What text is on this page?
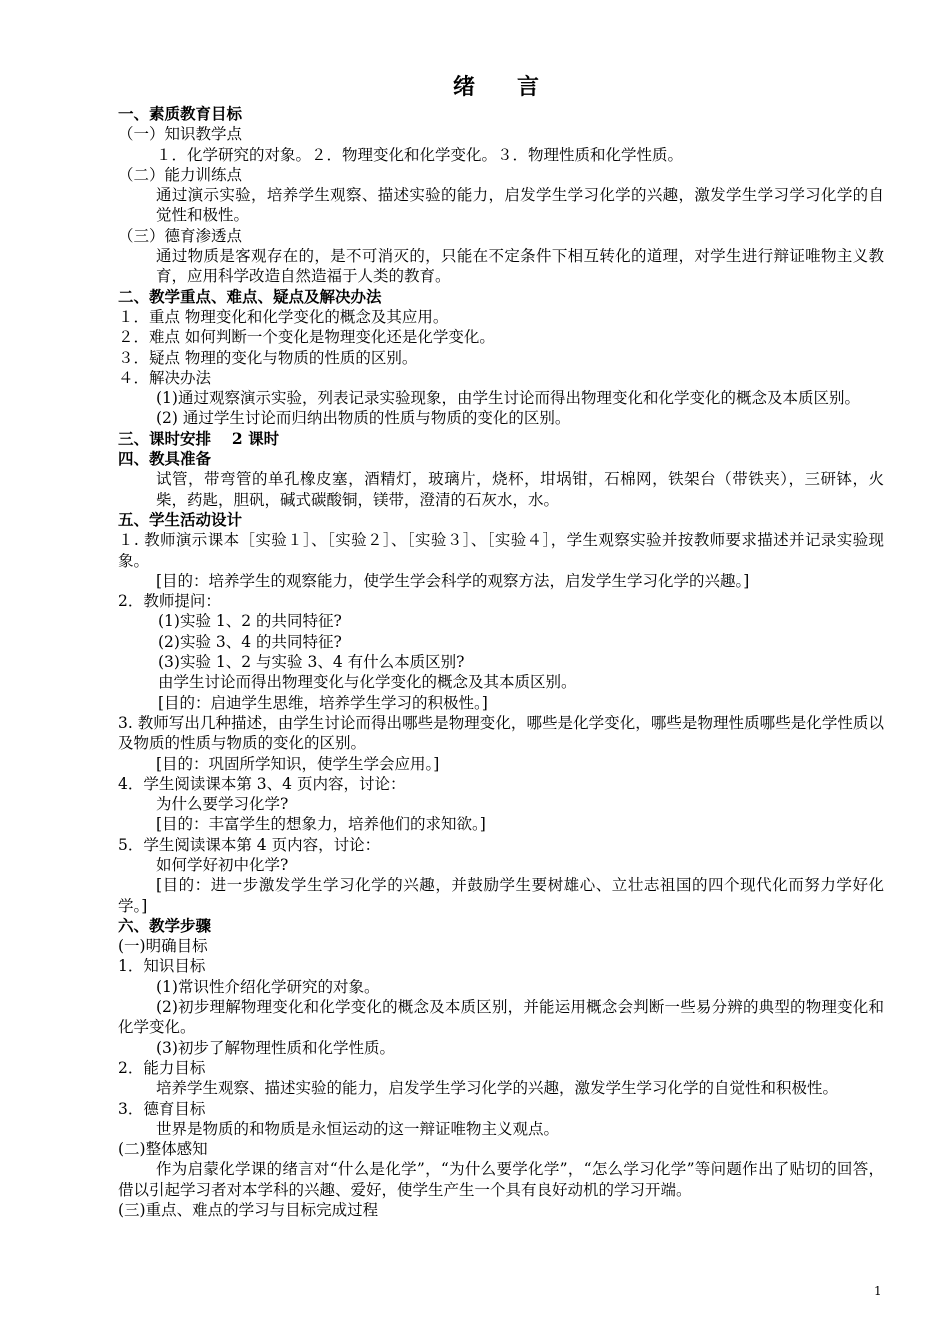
绪　言

一、素质教育目标

（一）知识教学点

１．化学研究的对象。２．物理变化和化学变化。３．物理性质和化学性质。

（二）能力训练点

通过演示实验，培养学生观察、描述实验的能力，启发学生学习化学的兴趣，激发学生学习学习化学的自觉性和极性。

（三）德育渗透点

通过物质是客观存在的，是不可消灭的，只能在不定条件下相互转化的道理，对学生进行辩证唯物主义教育，应用科学改造自然造福于人类的教育。

二、教学重点、难点、疑点及解决办法

１．重点 物理变化和化学变化的概念及其应用。

２．难点 如何判断一个变化是物理变化还是化学变化。

３．疑点 物理的变化与物质的性质的区别。

４．解决办法

(1)通过观察演示实验，列表记录实验现象，由学生讨论而得出物理变化和化学变化的概念及本质区别。

(2) 通过学生讨论而归纳出物质的性质与物质的变化的区别。

三、课时安排　 2 课时

四、教具准备

试管，带弯管的单孔橡皮塞，酒精灯，玻璃片，烧杯，坩埚钳，石棉网，铁架台（带铁夹），三研钵，火柴，药匙，胆矾，碱式碳酸铜，镁带，澄清的石灰水，水。

五、学生活动设计

１. 教师演示课本［实验１］、［实验２］、［实验３］、［实验４］，学生观察实验并按教师要求描述并记录实验现象。

[目的：培养学生的观察能力，使学生学会科学的观察方法，启发学生学习化学的兴趣。]

2．教师提问：

(1)实验 1、2 的共同特征?

(2)实验 3、4 的共同特征?

(3)实验 1、2 与实验 3、4 有什么本质区别?

由学生讨论而得出物理变化与化学变化的概念及其本质区别。

[目的：启迪学生思维，培养学生学习的积极性。]

3. 教师写出几种描述，由学生讨论而得出哪些是物理变化，哪些是化学变化，哪些是物理性质哪些是化学性质以及物质的性质与物质的变化的区别。

[目的：巩固所学知识，使学生学会应用。]

4．学生阅读课本第 3、4 页内容，讨论：

为什么要学习化学?

[目的：丰富学生的想象力，培养他们的求知欲。]

5．学生阅读课本第 4 页内容，讨论：

如何学好初中化学?

[目的：进一步激发学生学习化学的兴趣，并鼓励学生要树雄心、立壮志祖国的四个现代化而努力学好化学。]

六、教学步骤

(一)明确目标

1．知识目标

(1)常识性介绍化学研究的对象。

(2)初步理解物理变化和化学变化的概念及本质区别，并能运用概念会判断一些易分辨的典型的物理变化和化学变化。

(3)初步了解物理性质和化学性质。

2．能力目标

培养学生观察、描述实验的能力，启发学生学习化学的兴趣，激发学生学习化学的自觉性和积极性。

3．德育目标

世界是物质的和物质是永恒运动的这一辩证唯物主义观点。

(二)整体感知

作为启蒙化学课的绪言对“什么是化学”，“为什么要学化学”，“怎么学习化学”等问题作出了贴切的回答，借以引起学习者对本学科的兴趣、爱好，使学生产生一个具有良好动机的学习开端。

(三)重点、难点的学习与目标完成过程

1
